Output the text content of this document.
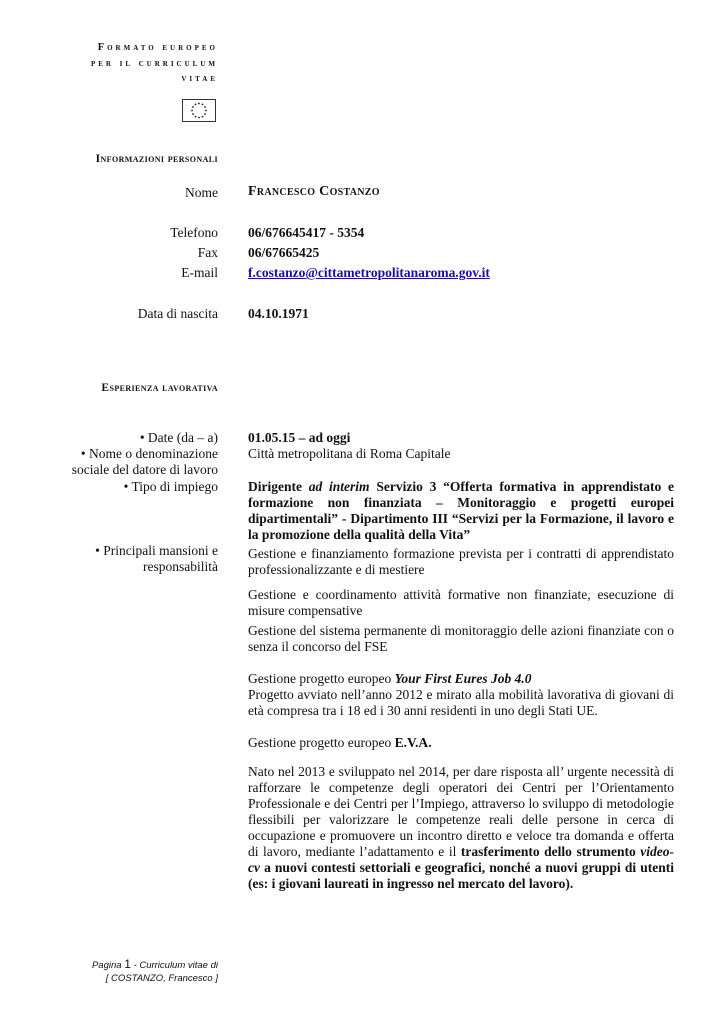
Formato europeo
per il curriculum
vitae
Informazioni personali
Nome Francesco Costanzo
Telefono 06/676645417 - 5354
Fax 06/67665425
E-mail f.costanzo@cittametropolitanaroma.gov.it
Data di nascita 04.10.1971
Esperienza lavorativa
• Date (da – a)
• Nome o denominazione
sociale del datore di lavoro
• Tipo di impiego
• Principali mansioni e
responsabilità
01.05.15 – ad oggi
Città metropolitana di Roma Capitale
Dirigente ad interim Servizio 3 “Offerta formativa in apprendistato e formazione non finanziata – Monitoraggio e progetti europei dipartimentali” - Dipartimento III “Servizi per la Formazione, il lavoro e la promozione della qualità della Vita”
Gestione e finanziamento formazione prevista per i contratti di apprendistato professionalizzante e di mestiere
Gestione e coordinamento attività formative non finanziate, esecuzione di misure compensative
Gestione del sistema permanente di monitoraggio delle azioni finanziate con o senza il concorso del FSE
Gestione progetto europeo Your First Eures Job 4.0
Progetto avviato nell’anno 2012 e mirato alla mobilità lavorativa di giovani di età compresa tra i 18 ed i 30 anni residenti in uno degli Stati UE.
Gestione progetto europeo E.V.A.
Nato nel 2013 e sviluppato nel 2014, per dare risposta all’ urgente necessità di rafforzare le competenze degli operatori dei Centri per l’Orientamento Professionale e dei Centri per l’Impiego, attraverso lo sviluppo di metodologie flessibili per valorizzare le competenze reali delle persone in cerca di occupazione e promuovere un incontro diretto e veloce tra domanda e offerta di lavoro, mediante l’adattamento e il trasferimento dello strumento video-cv a nuovi contesti settoriali e geografici, nonché a nuovi gruppi di utenti (es: i giovani laureati in ingresso nel mercato del lavoro).
Pagina 1 - Curriculum vitae di
[ COSTANZO, Francesco ]
